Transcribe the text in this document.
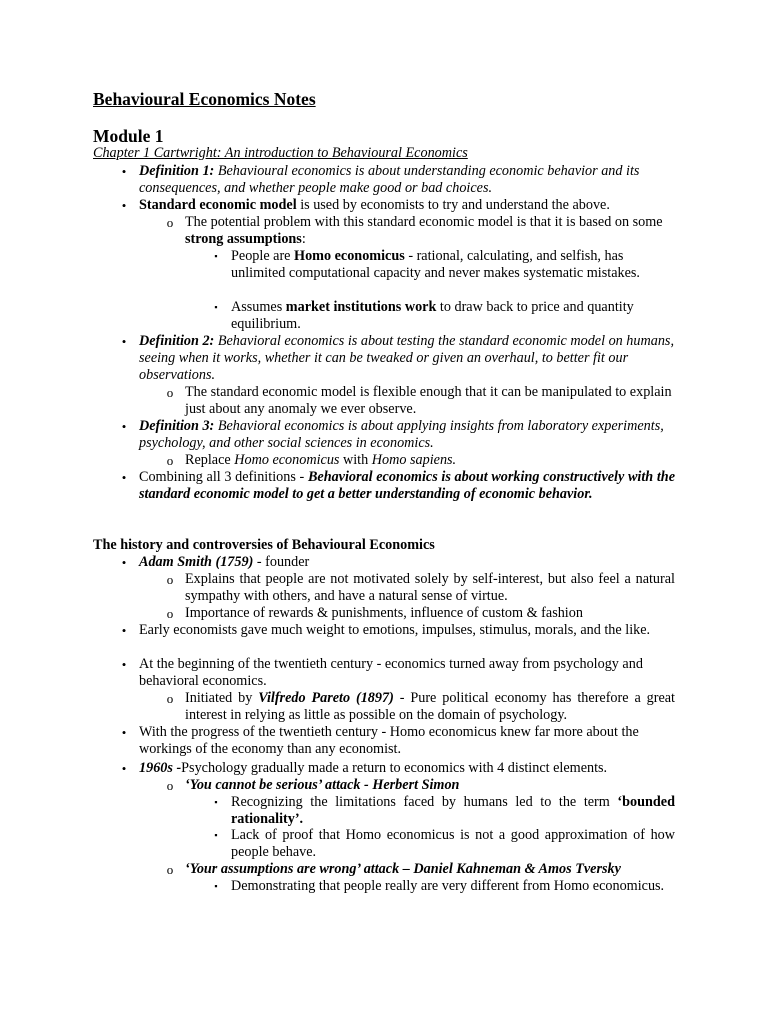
Behavioural Economics Notes
Module 1
Chapter 1 Cartwright: An introduction to Behavioural Economics
• Definition 1: Behavioural economics is about understanding economic behavior and its consequences, and whether people make good or bad choices.
• Standard economic model is used by economists to try and understand the above.
o The potential problem with this standard economic model is that it is based on some strong assumptions:
▪ People are Homo economicus - rational, calculating, and selfish, has unlimited computational capacity and never makes systematic mistakes.
▪ Assumes market institutions work to draw back to price and quantity equilibrium.
• Definition 2: Behavioral economics is about testing the standard economic model on humans, seeing when it works, whether it can be tweaked or given an overhaul, to better fit our observations.
o The standard economic model is flexible enough that it can be manipulated to explain just about any anomaly we ever observe.
• Definition 3: Behavioral economics is about applying insights from laboratory experiments, psychology, and other social sciences in economics.
o Replace Homo economicus with Homo sapiens.
• Combining all 3 definitions - Behavioral economics is about working constructively with the standard economic model to get a better understanding of economic behavior.
The history and controversies of Behavioural Economics
• Adam Smith (1759) - founder
o Explains that people are not motivated solely by self-interest, but also feel a natural sympathy with others, and have a natural sense of virtue.
o Importance of rewards & punishments, influence of custom & fashion
• Early economists gave much weight to emotions, impulses, stimulus, morals, and the like.
• At the beginning of the twentieth century - economics turned away from psychology and behavioral economics.
o Initiated by Vilfredo Pareto (1897) - Pure political economy has therefore a great interest in relying as little as possible on the domain of psychology.
• With the progress of the twentieth century - Homo economicus knew far more about the workings of the economy than any economist.
• 1960s -Psychology gradually made a return to economics with 4 distinct elements.
o ‘You cannot be serious’ attack - Herbert Simon
▪ Recognizing the limitations faced by humans led to the term ‘bounded rationality’.
▪ Lack of proof that Homo economicus is not a good approximation of how people behave.
o ‘Your assumptions are wrong’ attack – Daniel Kahneman & Amos Tversky
▪ Demonstrating that people really are very different from Homo economicus.
